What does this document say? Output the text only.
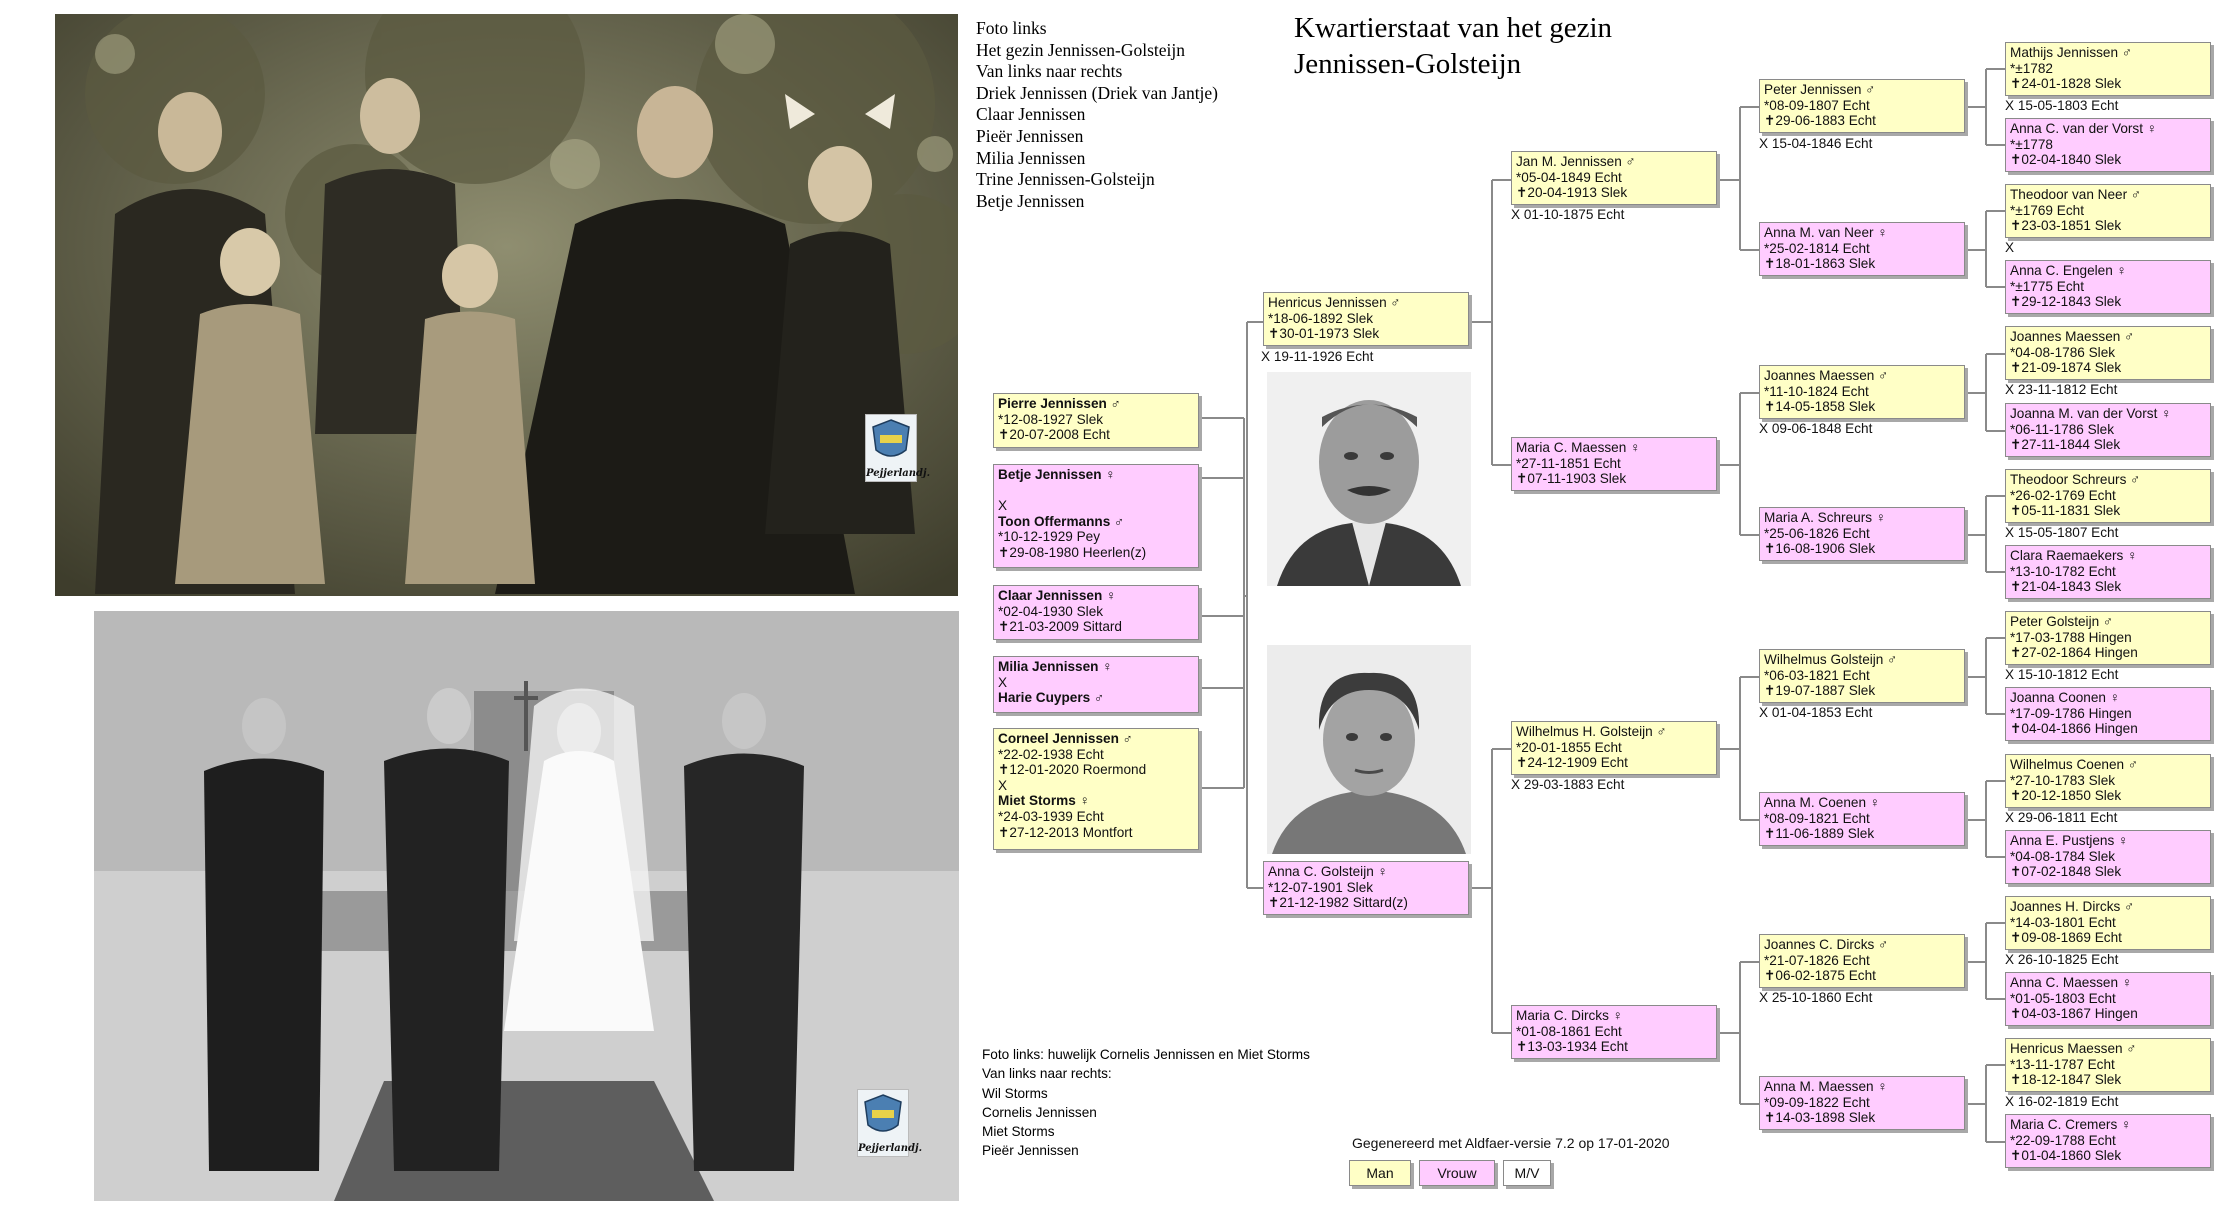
Pejjerlandj.
Pejjerlandj.
Foto links
Het gezin Jennissen-Golsteijn
Van links naar rechts
Driek Jennissen (Driek van Jantje)
Claar Jennissen
Pieër Jennissen
Milia Jennissen
Trine Jennissen-Golsteijn
Betje Jennissen
Foto links: huwelijk Cornelis Jennissen en Miet Storms
Van links naar rechts:
Wil Storms
Cornelis Jennissen
Miet Storms
Pieër Jennissen
Kwartierstaat van het gezin
Jennissen-Golsteijn
Pierre Jennissen ♂
*12-08-1927 Slek
✝20-07-2008 Echt
Betje Jennissen ♀

X
Toon Offermanns ♂
*10-12-1929 Pey
✝29-08-1980 Heerlen(z)
Claar Jennissen ♀
*02-04-1930 Slek
✝21-03-2009 Sittard
Milia Jennissen ♀
X
Harie Cuypers ♂
Corneel Jennissen ♂
*22-02-1938 Echt
✝12-01-2020 Roermond
X
Miet Storms ♀
*24-03-1939 Echt
✝27-12-2013 Montfort
Henricus Jennissen ♂
*18-06-1892 Slek
✝30-01-1973 Slek
X 19-11-1926 Echt
Anna C. Golsteijn ♀
*12-07-1901 Slek
✝21-12-1982 Sittard(z)
Jan M. Jennissen ♂
*05-04-1849 Echt
✝20-04-1913 Slek
X 01-10-1875 Echt
Maria C. Maessen ♀
*27-11-1851 Echt
✝07-11-1903 Slek
Wilhelmus H. Golsteijn ♂
*20-01-1855 Echt
✝24-12-1909 Echt
X 29-03-1883 Echt
Maria C. Dircks ♀
*01-08-1861 Echt
✝13-03-1934 Echt
Peter Jennissen ♂
*08-09-1807 Echt
✝29-06-1883 Echt
X 15-04-1846 Echt
Anna M. van Neer ♀
*25-02-1814 Echt
✝18-01-1863 Slek
Joannes Maessen ♂
*11-10-1824 Echt
✝14-05-1858 Slek
X 09-06-1848 Echt
Maria A. Schreurs ♀
*25-06-1826 Echt
✝16-08-1906 Slek
Wilhelmus Golsteijn ♂
*06-03-1821 Echt
✝19-07-1887 Slek
X 01-04-1853 Echt
Anna M. Coenen ♀
*08-09-1821 Echt
✝11-06-1889 Slek
Joannes C. Dircks ♂
*21-07-1826 Echt
✝06-02-1875 Echt
X 25-10-1860 Echt
Anna M. Maessen ♀
*09-09-1822 Echt
✝14-03-1898 Slek
Mathijs Jennissen ♂
*±1782
✝24-01-1828 Slek
X 15-05-1803 Echt
Anna C. van der Vorst ♀
*±1778
✝02-04-1840 Slek
Theodoor van Neer ♂
*±1769 Echt
✝23-03-1851 Slek
X
Anna C. Engelen ♀
*±1775 Echt
✝29-12-1843 Slek
Joannes Maessen ♂
*04-08-1786 Slek
✝21-09-1874 Slek
X 23-11-1812 Echt
Joanna M. van der Vorst ♀
*06-11-1786 Slek
✝27-11-1844 Slek
Theodoor Schreurs ♂
*26-02-1769 Echt
✝05-11-1831 Slek
X 15-05-1807 Echt
Clara Raemaekers ♀
*13-10-1782 Echt
✝21-04-1843 Slek
Peter Golsteijn ♂
*17-03-1788 Hingen
✝27-02-1864 Hingen
X 15-10-1812 Echt
Joanna Coonen ♀
*17-09-1786 Hingen
✝04-04-1866 Hingen
Wilhelmus Coenen ♂
*27-10-1783 Slek
✝20-12-1850 Slek
X 29-06-1811 Echt
Anna E. Pustjens ♀
*04-08-1784 Slek
✝07-02-1848 Slek
Joannes H. Dircks ♂
*14-03-1801 Echt
✝09-08-1869 Echt
X 26-10-1825 Echt
Anna C. Maessen ♀
*01-05-1803 Echt
✝04-03-1867 Hingen
Henricus Maessen ♂
*13-11-1787 Echt
✝18-12-1847 Slek
X 16-02-1819 Echt
Maria C. Cremers ♀
*22-09-1788 Echt
✝01-04-1860 Slek
Gegenereerd met Aldfaer-versie 7.2 op 17-01-2020
Man	Vrouw	M/V
